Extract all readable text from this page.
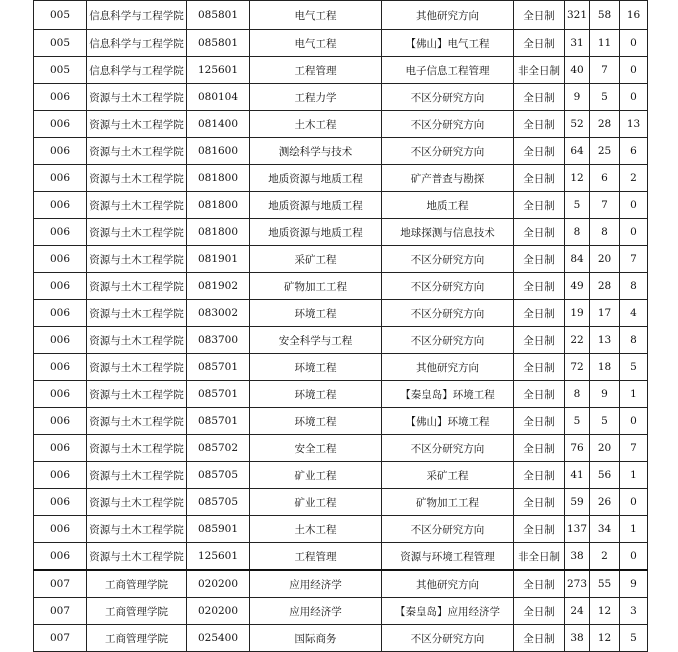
005	信息科学与工程学院	085801	电气工程	其他研究方向	全日制	321	58	16
005	信息科学与工程学院	085801	电气工程	【佛山】电气工程	全日制	31	11	0
005	信息科学与工程学院	125601	工程管理	电子信息工程管理	非全日制	40	7	0
006	资源与土木工程学院	080104	工程力学	不区分研究方向	全日制	9	5	0
006	资源与土木工程学院	081400	土木工程	不区分研究方向	全日制	52	28	13
006	资源与土木工程学院	081600	测绘科学与技术	不区分研究方向	全日制	64	25	6
006	资源与土木工程学院	081800	地质资源与地质工程	矿产普查与勘探	全日制	12	6	2
006	资源与土木工程学院	081800	地质资源与地质工程	地质工程	全日制	5	7	0
006	资源与土木工程学院	081800	地质资源与地质工程	地球探测与信息技术	全日制	8	8	0
006	资源与土木工程学院	081901	采矿工程	不区分研究方向	全日制	84	20	7
006	资源与土木工程学院	081902	矿物加工工程	不区分研究方向	全日制	49	28	8
006	资源与土木工程学院	083002	环境工程	不区分研究方向	全日制	19	17	4
006	资源与土木工程学院	083700	安全科学与工程	不区分研究方向	全日制	22	13	8
006	资源与土木工程学院	085701	环境工程	其他研究方向	全日制	72	18	5
006	资源与土木工程学院	085701	环境工程	【秦皇岛】环境工程	全日制	8	9	1
006	资源与土木工程学院	085701	环境工程	【佛山】环境工程	全日制	5	5	0
006	资源与土木工程学院	085702	安全工程	不区分研究方向	全日制	76	20	7
006	资源与土木工程学院	085705	矿业工程	采矿工程	全日制	41	56	1
006	资源与土木工程学院	085705	矿业工程	矿物加工工程	全日制	59	26	0
006	资源与土木工程学院	085901	土木工程	不区分研究方向	全日制	137	34	1
006	资源与土木工程学院	125601	工程管理	资源与环境工程管理	非全日制	38	2	0
007	工商管理学院	020200	应用经济学	其他研究方向	全日制	273	55	9
007	工商管理学院	020200	应用经济学	【秦皇岛】应用经济学	全日制	24	12	3
007	工商管理学院	025400	国际商务	不区分研究方向	全日制	38	12	5
